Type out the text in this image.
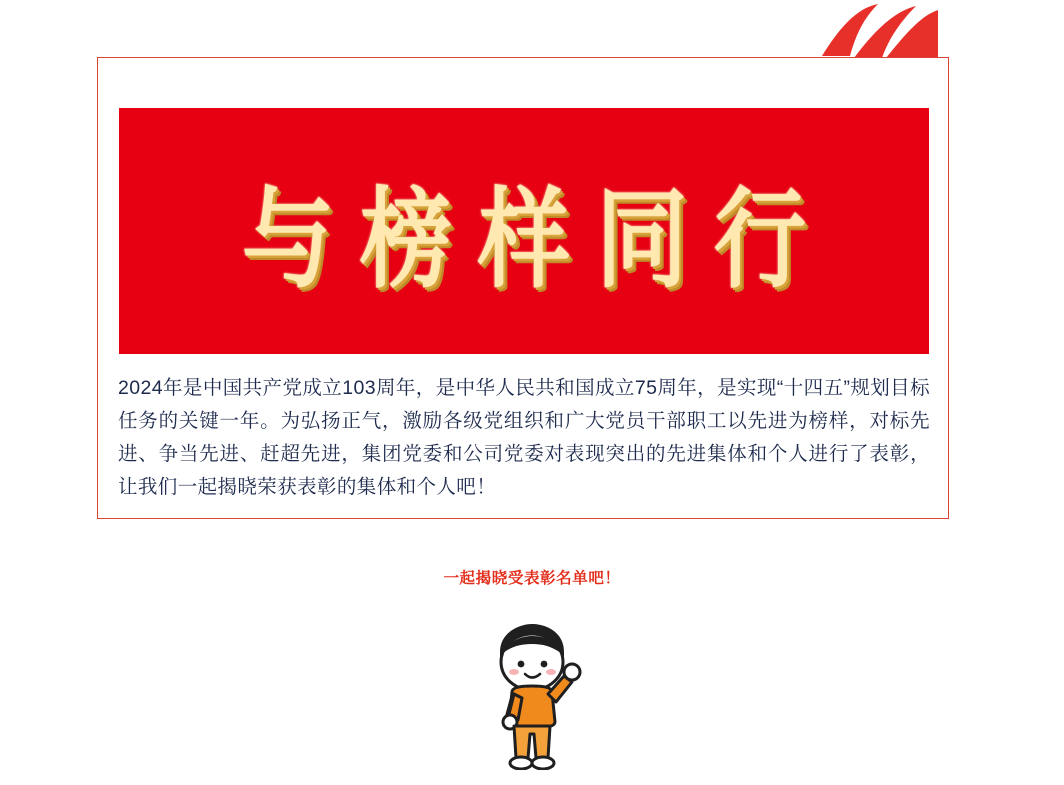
与榜样同行
2024年是中国共产党成立103周年，是中华人民共和国成立75周年，是实现“十四五”规划目标任务的关键一年。为弘扬正气，激励各级党组织和广大党员干部职工以先进为榜样，对标先进、争当先进、赶超先进，集团党委和公司党委对表现突出的先进集体和个人进行了表彰，让我们一起揭晓荣获表彰的集体和个人吧！
一起揭晓受表彰名单吧！
